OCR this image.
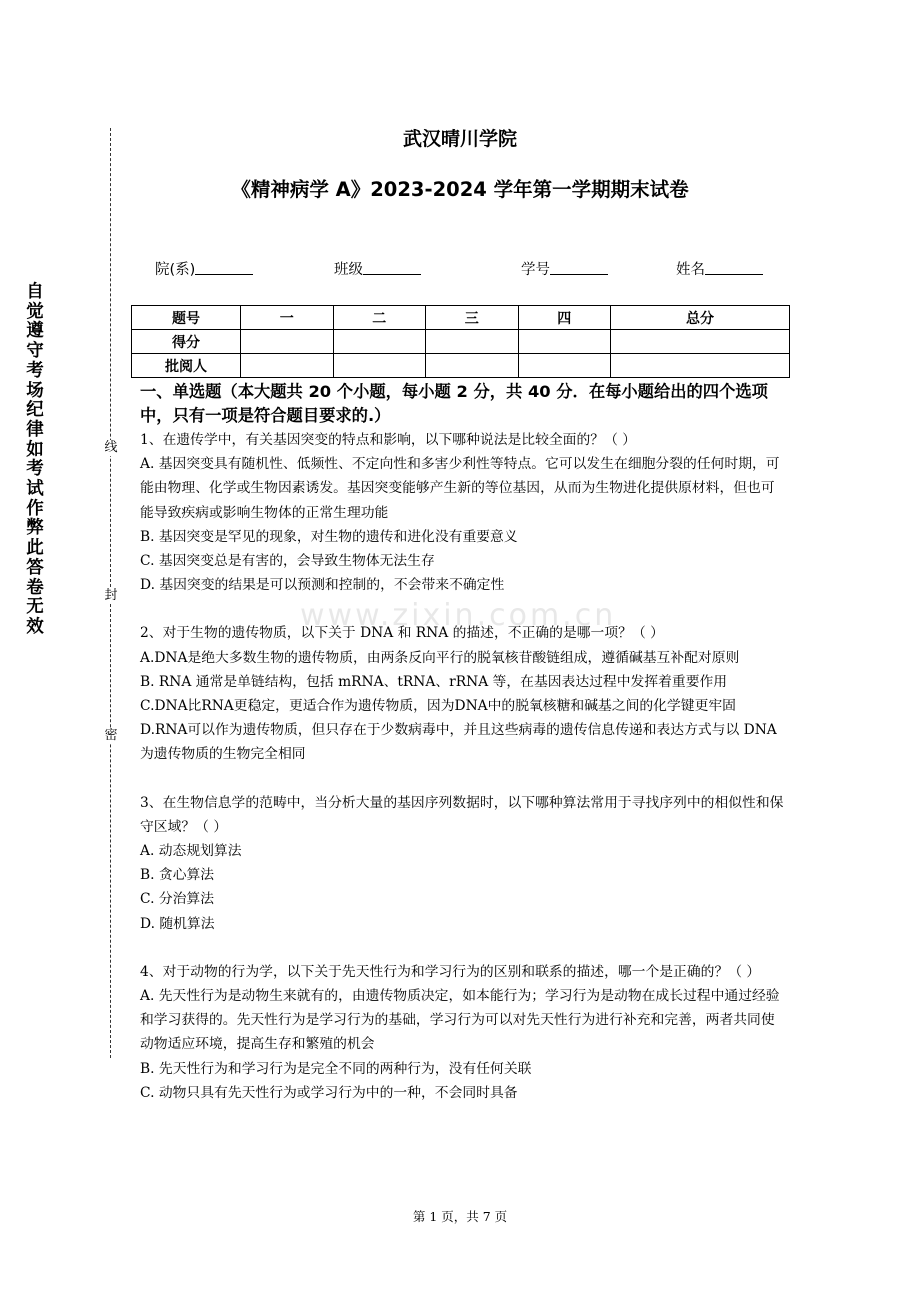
自觉遵守考场纪律如考试作弊此答卷无效
线
封
密
武汉晴川学院
《精神病学 A》2023-2024 学年第一学期期末试卷
院(系)	班级	学号	姓名
题号	一	二	三	四	总分
得分					
批阅人					
一、单选题（本大题共 20 个小题，每小题 2 分，共 40 分．在每小题给出的四个选项中，只有一项是符合题目要求的.）
www.zixin.com.cn

1、在遗传学中，有关基因突变的特点和影响，以下哪种说法是比较全面的？（ ）

A. 基因突变具有随机性、低频性、不定向性和多害少利性等特点。它可以发生在细胞分裂的任何时期，可能由物理、化学或生物因素诱发。基因突变能够产生新的等位基因，从而为生物进化提供原材料，但也可能导致疾病或影响生物体的正常生理功能

B. 基因突变是罕见的现象，对生物的遗传和进化没有重要意义

C. 基因突变总是有害的，会导致生物体无法生存

D. 基因突变的结果是可以预测和控制的，不会带来不确定性

2、对于生物的遗传物质，以下关于 DNA 和 RNA 的描述，不正确的是哪一项？（ ）

A.DNA是绝大多数生物的遗传物质，由两条反向平行的脱氧核苷酸链组成，遵循碱基互补配对原则

B. RNA 通常是单链结构，包括 mRNA、tRNA、rRNA 等，在基因表达过程中发挥着重要作用

C.DNA比RNA更稳定，更适合作为遗传物质，因为DNA中的脱氧核糖和碱基之间的化学键更牢固

D.RNA可以作为遗传物质，但只存在于少数病毒中，并且这些病毒的遗传信息传递和表达方式与以 DNA 为遗传物质的生物完全相同

3、在生物信息学的范畴中，当分析大量的基因序列数据时，以下哪种算法常用于寻找序列中的相似性和保守区域？（ ）

A. 动态规划算法

B. 贪心算法

C. 分治算法

D. 随机算法

4、对于动物的行为学，以下关于先天性行为和学习行为的区别和联系的描述，哪一个是正确的？（ ）

A. 先天性行为是动物生来就有的，由遗传物质决定，如本能行为；学习行为是动物在成长过程中通过经验和学习获得的。先天性行为是学习行为的基础，学习行为可以对先天性行为进行补充和完善，两者共同使动物适应环境，提高生存和繁殖的机会

B. 先天性行为和学习行为是完全不同的两种行为，没有任何关联

C. 动物只具有先天性行为或学习行为中的一种，不会同时具备

第 1 页，共 7 页
